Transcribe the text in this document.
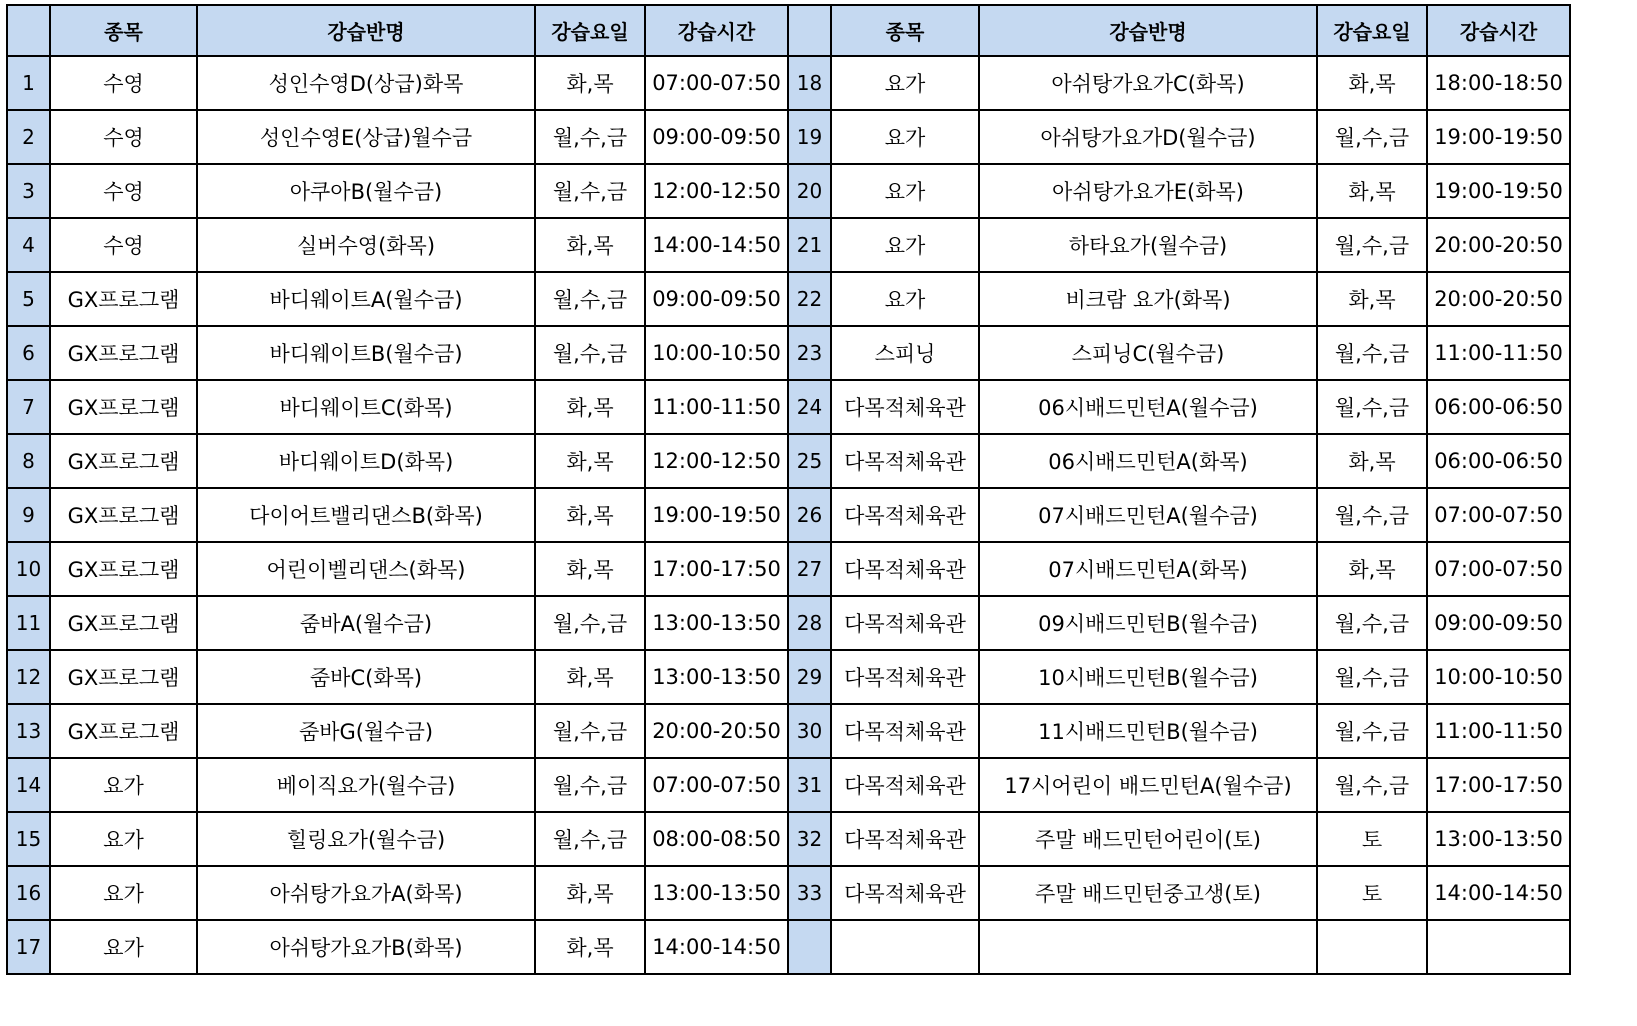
	종목	강습반명	강습요일	강습시간		종목	강습반명	강습요일	강습시간
1	수영	성인수영D(상급)화목	화,목	07:00-07:50	18	요가	아쉬탕가요가C(화목)	화,목	18:00-18:50
2	수영	성인수영E(상급)월수금	월,수,금	09:00-09:50	19	요가	아쉬탕가요가D(월수금)	월,수,금	19:00-19:50
3	수영	아쿠아B(월수금)	월,수,금	12:00-12:50	20	요가	아쉬탕가요가E(화목)	화,목	19:00-19:50
4	수영	실버수영(화목)	화,목	14:00-14:50	21	요가	하타요가(월수금)	월,수,금	20:00-20:50
5	GX프로그램	바디웨이트A(월수금)	월,수,금	09:00-09:50	22	요가	비크람 요가(화목)	화,목	20:00-20:50
6	GX프로그램	바디웨이트B(월수금)	월,수,금	10:00-10:50	23	스피닝	스피닝C(월수금)	월,수,금	11:00-11:50
7	GX프로그램	바디웨이트C(화목)	화,목	11:00-11:50	24	다목적체육관	06시배드민턴A(월수금)	월,수,금	06:00-06:50
8	GX프로그램	바디웨이트D(화목)	화,목	12:00-12:50	25	다목적체육관	06시배드민턴A(화목)	화,목	06:00-06:50
9	GX프로그램	다이어트밸리댄스B(화목)	화,목	19:00-19:50	26	다목적체육관	07시배드민턴A(월수금)	월,수,금	07:00-07:50
10	GX프로그램	어린이벨리댄스(화목)	화,목	17:00-17:50	27	다목적체육관	07시배드민턴A(화목)	화,목	07:00-07:50
11	GX프로그램	줌바A(월수금)	월,수,금	13:00-13:50	28	다목적체육관	09시배드민턴B(월수금)	월,수,금	09:00-09:50
12	GX프로그램	줌바C(화목)	화,목	13:00-13:50	29	다목적체육관	10시배드민턴B(월수금)	월,수,금	10:00-10:50
13	GX프로그램	줌바G(월수금)	월,수,금	20:00-20:50	30	다목적체육관	11시배드민턴B(월수금)	월,수,금	11:00-11:50
14	요가	베이직요가(월수금)	월,수,금	07:00-07:50	31	다목적체육관	17시어린이 배드민턴A(월수금)	월,수,금	17:00-17:50
15	요가	힐링요가(월수금)	월,수,금	08:00-08:50	32	다목적체육관	주말 배드민턴어린이(토)	토	13:00-13:50
16	요가	아쉬탕가요가A(화목)	화,목	13:00-13:50	33	다목적체육관	주말 배드민턴중고생(토)	토	14:00-14:50
17	요가	아쉬탕가요가B(화목)	화,목	14:00-14:50					
